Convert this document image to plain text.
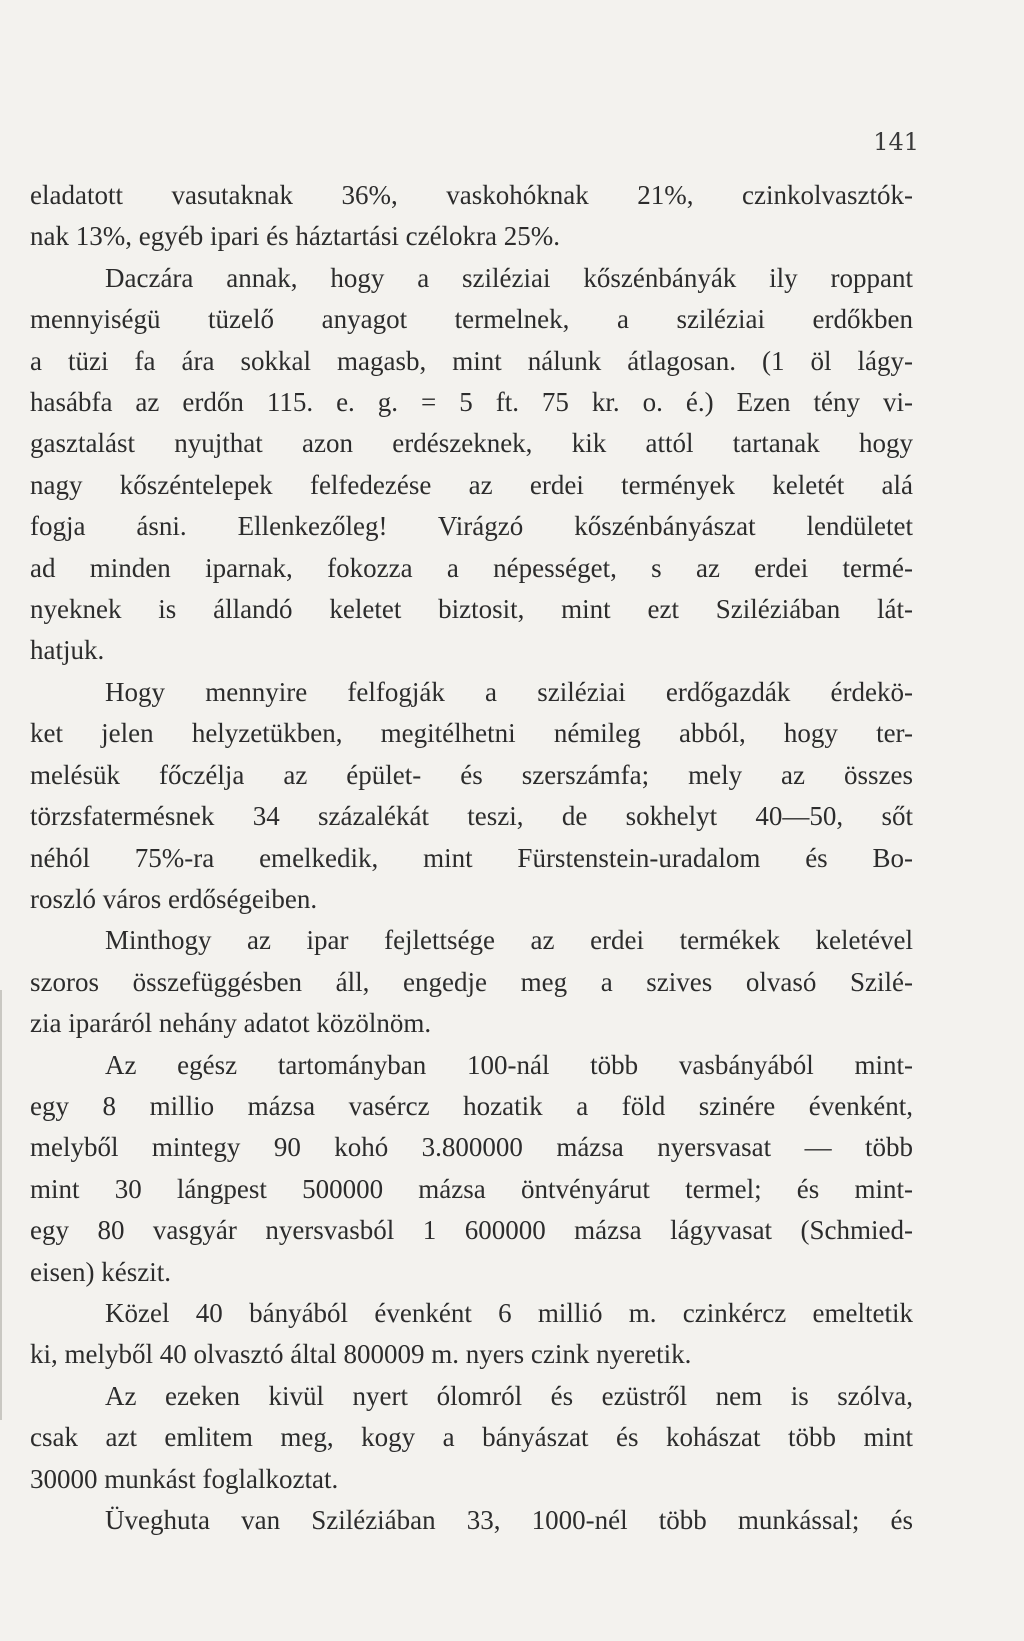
141
eladatott vasutaknak 36%, vaskohóknak 21%, czinkolvasztók-
nak 13%, egyéb ipari és háztartási czélokra 25%.
Daczára annak, hogy a sziléziai kőszénbányák ily roppant
mennyiségü tüzelő anyagot termelnek, a sziléziai erdőkben
a tüzi fa ára sokkal magasb, mint nálunk átlagosan. (1 öl lágy-
hasábfa az erdőn 115. e. g. = 5 ft. 75 kr. o. é.) Ezen tény vi-
gasztalást nyujthat azon erdészeknek, kik attól tartanak hogy
nagy kőszéntelepek felfedezése az erdei termények keletét alá
fogja ásni. Ellenkezőleg! Virágzó kőszénbányászat lendületet
ad minden iparnak, fokozza a népességet, s az erdei termé-
nyeknek is állandó keletet biztosit, mint ezt Sziléziában lát-
hatjuk.
Hogy mennyire felfogják a sziléziai erdőgazdák érdekö-
ket jelen helyzetükben, megitélhetni némileg abból, hogy ter-
melésük főczélja az épület- és szerszámfa; mely az összes
törzsfatermésnek 34 százalékát teszi, de sokhelyt 40—50, sőt
néhól 75%-ra emelkedik, mint Fürstenstein-uradalom és Bo-
roszló város erdőségeiben.
Minthogy az ipar fejlettsége az erdei termékek keletével
szoros összefüggésben áll, engedje meg a szives olvasó Szilé-
zia iparáról nehány adatot közölnöm.
Az egész tartományban 100-nál több vasbányából mint-
egy 8 millio mázsa vasércz hozatik a föld szinére évenként,
melyből mintegy 90 kohó 3.800000 mázsa nyersvasat — több
mint 30 lángpest 500000 mázsa öntvényárut termel; és mint-
egy 80 vasgyár nyersvasból 1 600000 mázsa lágyvasat (Schmied-
eisen) készit.
Közel 40 bányából évenként 6 millió m. czinkércz emeltetik
ki, melyből 40 olvasztó által 800009 m. nyers czink nyeretik.
Az ezeken kivül nyert ólomról és ezüstről nem is szólva,
csak azt emlitem meg, kogy a bányászat és kohászat több mint
30000 munkást foglalkoztat.
Üveghuta van Sziléziában 33, 1000-nél több munkással; és
